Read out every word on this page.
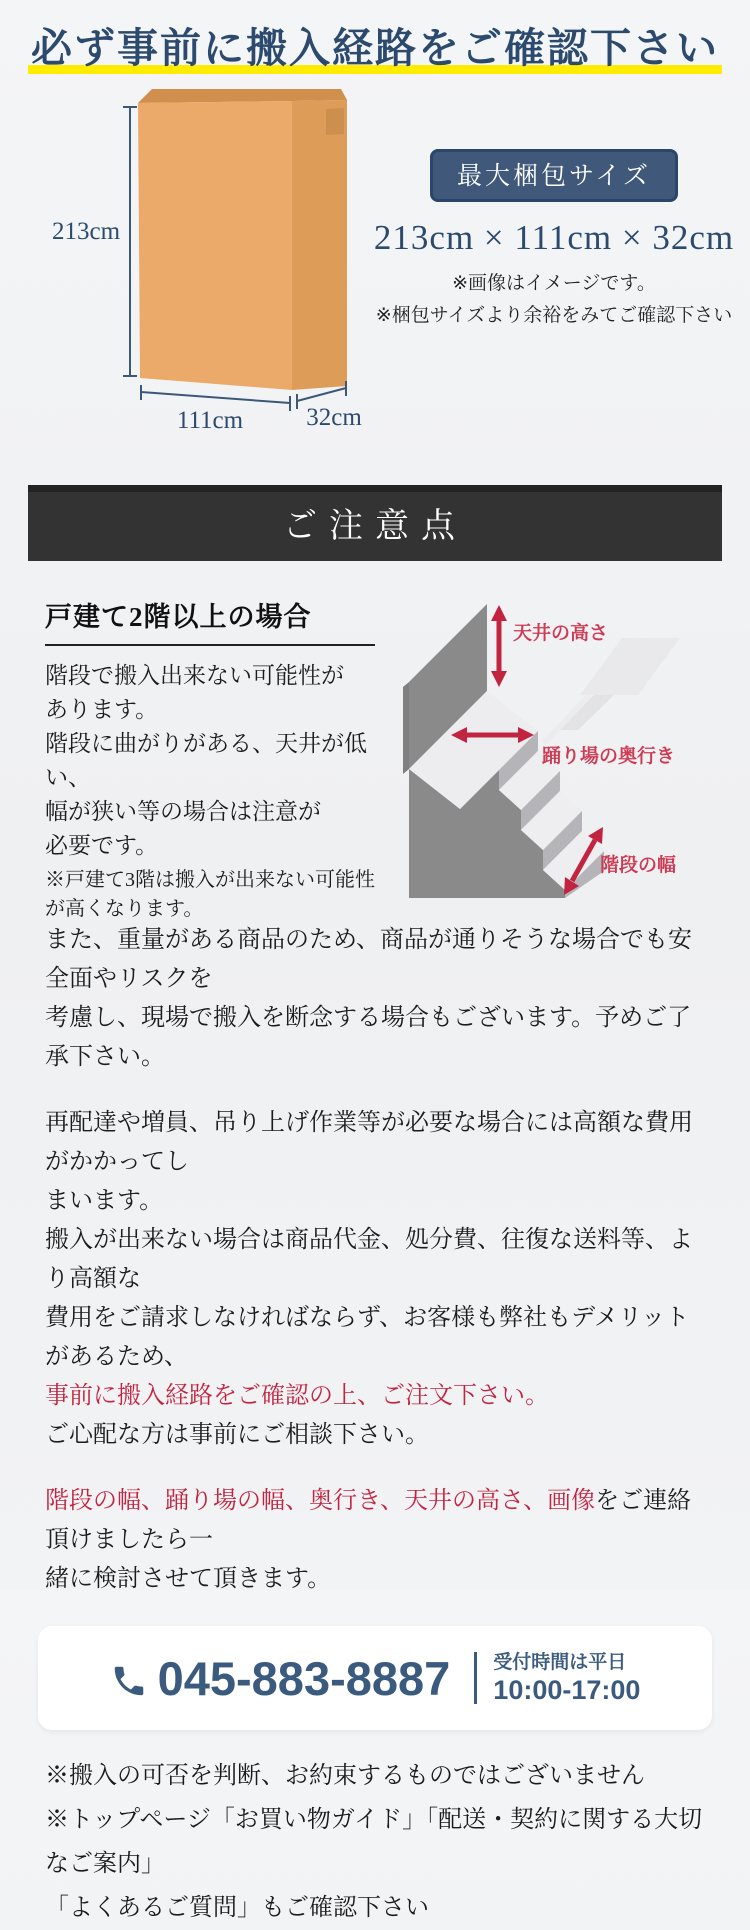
必ず事前に搬入経路をご確認下さい
213cm
111cm	32cm
最大梱包サイズ
213cm × 111cm × 32cm
※画像はイメージです。
※梱包サイズより余裕をみてご確認下さい
ご注意点
戸建て2階以上の場合
階段で搬入出来ない可能性が
あります。
階段に曲がりがある、天井が低い、
幅が狭い等の場合は注意が
必要です。
※戸建て3階は搬入が出来ない可能性
が高くなります。
天井の高さ
踊り場の奥行き
階段の幅

また、重量がある商品のため、商品が通りそうな場合でも安全面やリスクを
考慮し、現場で搬入を断念する場合もございます。予めご了承下さい。

再配達や増員、吊り上げ作業等が必要な場合には高額な費用がかかってし
まいます。
搬入が出来ない場合は商品代金、処分費、往復な送料等、より高額な
費用をご請求しなければならず、お客様も弊社もデメリットがあるため、
事前に搬入経路をご確認の上、ご注文下さい。
ご心配な方は事前にご相談下さい。

階段の幅、踊り場の幅、奥行き、天井の高さ、画像をご連絡頂けましたら一
緒に検討させて頂きます。

045-883-8887 受付時間は平日
10:00-17:00
※搬入の可否を判断、お約束するものではございません
※トップページ「お買い物ガイド」「配送・契約に関する大切なご案内」
「よくあるご質問」もご確認下さい
